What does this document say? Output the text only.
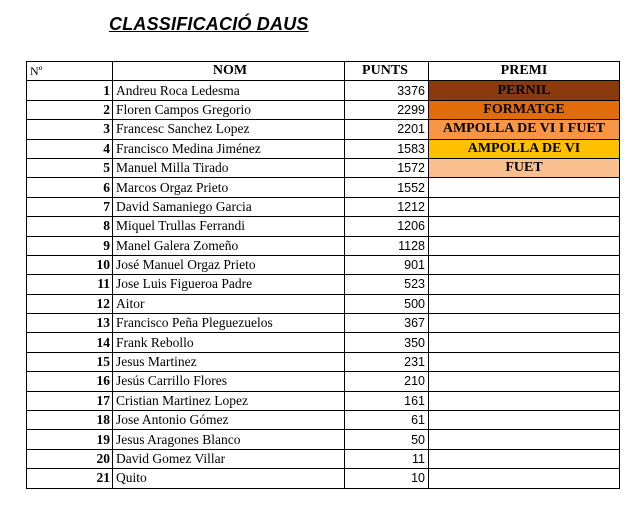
CLASSIFICACIÓ DAUS
Nº	NOM	PUNTS	PREMI
1	Andreu Roca Ledesma	3376	PERNIL
2	Floren Campos Gregorio	2299	FORMATGE
3	Francesc Sanchez Lopez	2201	AMPOLLA DE VI I FUET
4	Francisco Medina Jiménez	1583	AMPOLLA DE VI
5	Manuel Milla Tirado	1572	FUET
6	Marcos Orgaz Prieto	1552	
7	David Samaniego Garcia	1212	
8	Miquel Trullas Ferrandi	1206	
9	Manel Galera Zomeño	1128	
10	José Manuel Orgaz Prieto	901	
11	Jose Luis Figueroa Padre	523	
12	Aitor	500	
13	Francisco Peña Pleguezuelos	367	
14	Frank Rebollo	350	
15	Jesus Martinez	231	
16	Jesús Carrillo Flores	210	
17	Cristian Martinez Lopez	161	
18	Jose Antonio Gómez	61	
19	Jesus Aragones Blanco	50	
20	David Gomez Villar	11	
21	Quito	10	
